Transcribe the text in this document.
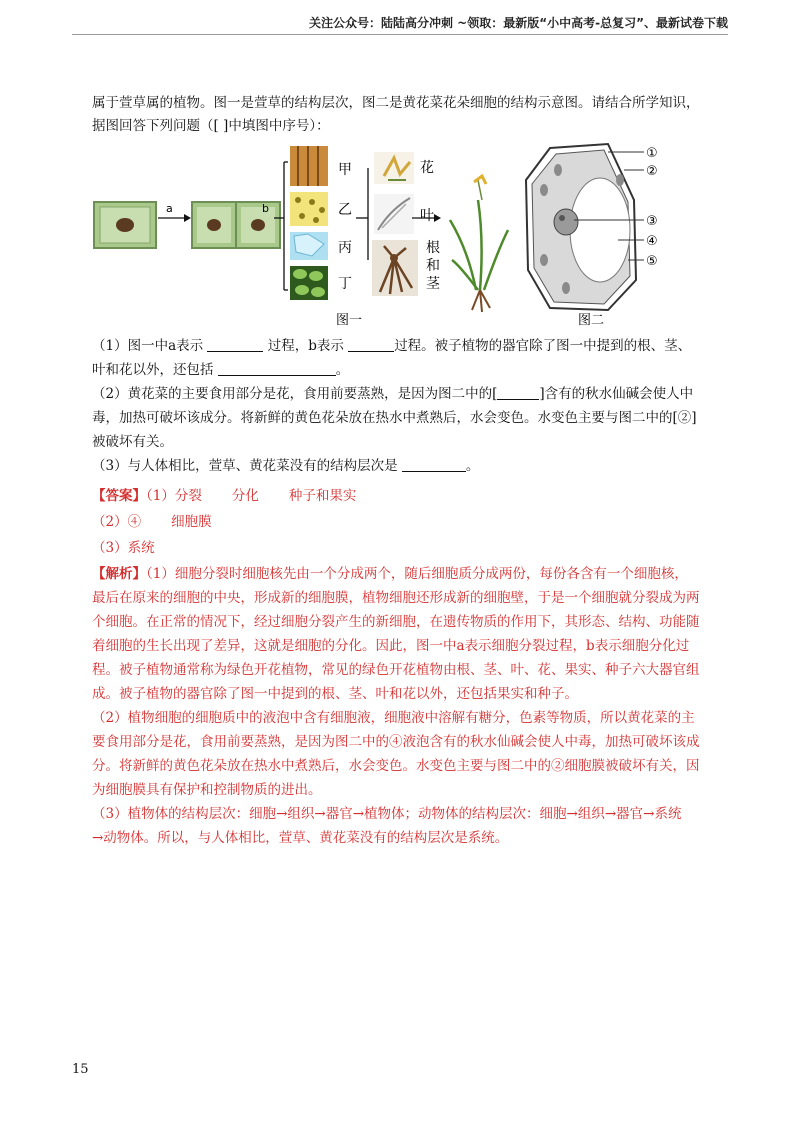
关注公众号：陆陆高分冲刺 ~领取：最新版“小中高考-总复习”、最新试卷下载
属于萱草属的植物。图一是萱草的结构层次，图二是黄花菜花朵细胞的结构示意图。请结合所学知识，
据图回答下列问题（[ ]中填图中序号）：
a	b
甲
乙
丙
丁
花
叶
根
和
茎
图一
①
②
③
④
⑤
图二
（1）图一中a表示	过程，b表示	过程。被子植物的器官除了图一中提到的根、茎、
叶和花以外，还包括	。
（2）黄花菜的主要食用部分是花，食用前要蒸熟，是因为图二中的[	]含有的秋水仙碱会使人中
毒，加热可破坏该成分。将新鲜的黄色花朵放在热水中煮熟后，水会变色。水变色主要与图二中的[②]
被破坏有关。
（3）与人体相比，萱草、黄花菜没有的结构层次是	。
【答案】（1）分裂 分化 种子和果实
（2）④ 细胞膜
（3）系统
【解析】（1）细胞分裂时细胞核先由一个分成两个，随后细胞质分成两份，每份各含有一个细胞核，
最后在原来的细胞的中央，形成新的细胞膜，植物细胞还形成新的细胞壁，于是一个细胞就分裂成为两
个细胞。在正常的情况下，经过细胞分裂产生的新细胞，在遗传物质的作用下，其形态、结构、功能随
着细胞的生长出现了差异，这就是细胞的分化。因此，图一中a表示细胞分裂过程，b表示细胞分化过
程。被子植物通常称为绿色开花植物，常见的绿色开花植物由根、茎、叶、花、果实、种子六大器官组
成。被子植物的器官除了图一中提到的根、茎、叶和花以外，还包括果实和种子。
（2）植物细胞的细胞质中的液泡中含有细胞液，细胞液中溶解有糖分，色素等物质，所以黄花菜的主
要食用部分是花，食用前要蒸熟，是因为图二中的④液泡含有的秋水仙碱会使人中毒，加热可破坏该成
分。将新鲜的黄色花朵放在热水中煮熟后，水会变色。水变色主要与图二中的②细胞膜被破坏有关，因
为细胞膜具有保护和控制物质的进出。
（3）植物体的结构层次：细胞→组织→器官→植物体；动物体的结构层次：细胞→组织→器官→系统
→动物体。所以，与人体相比，萱草、黄花菜没有的结构层次是系统。
15
